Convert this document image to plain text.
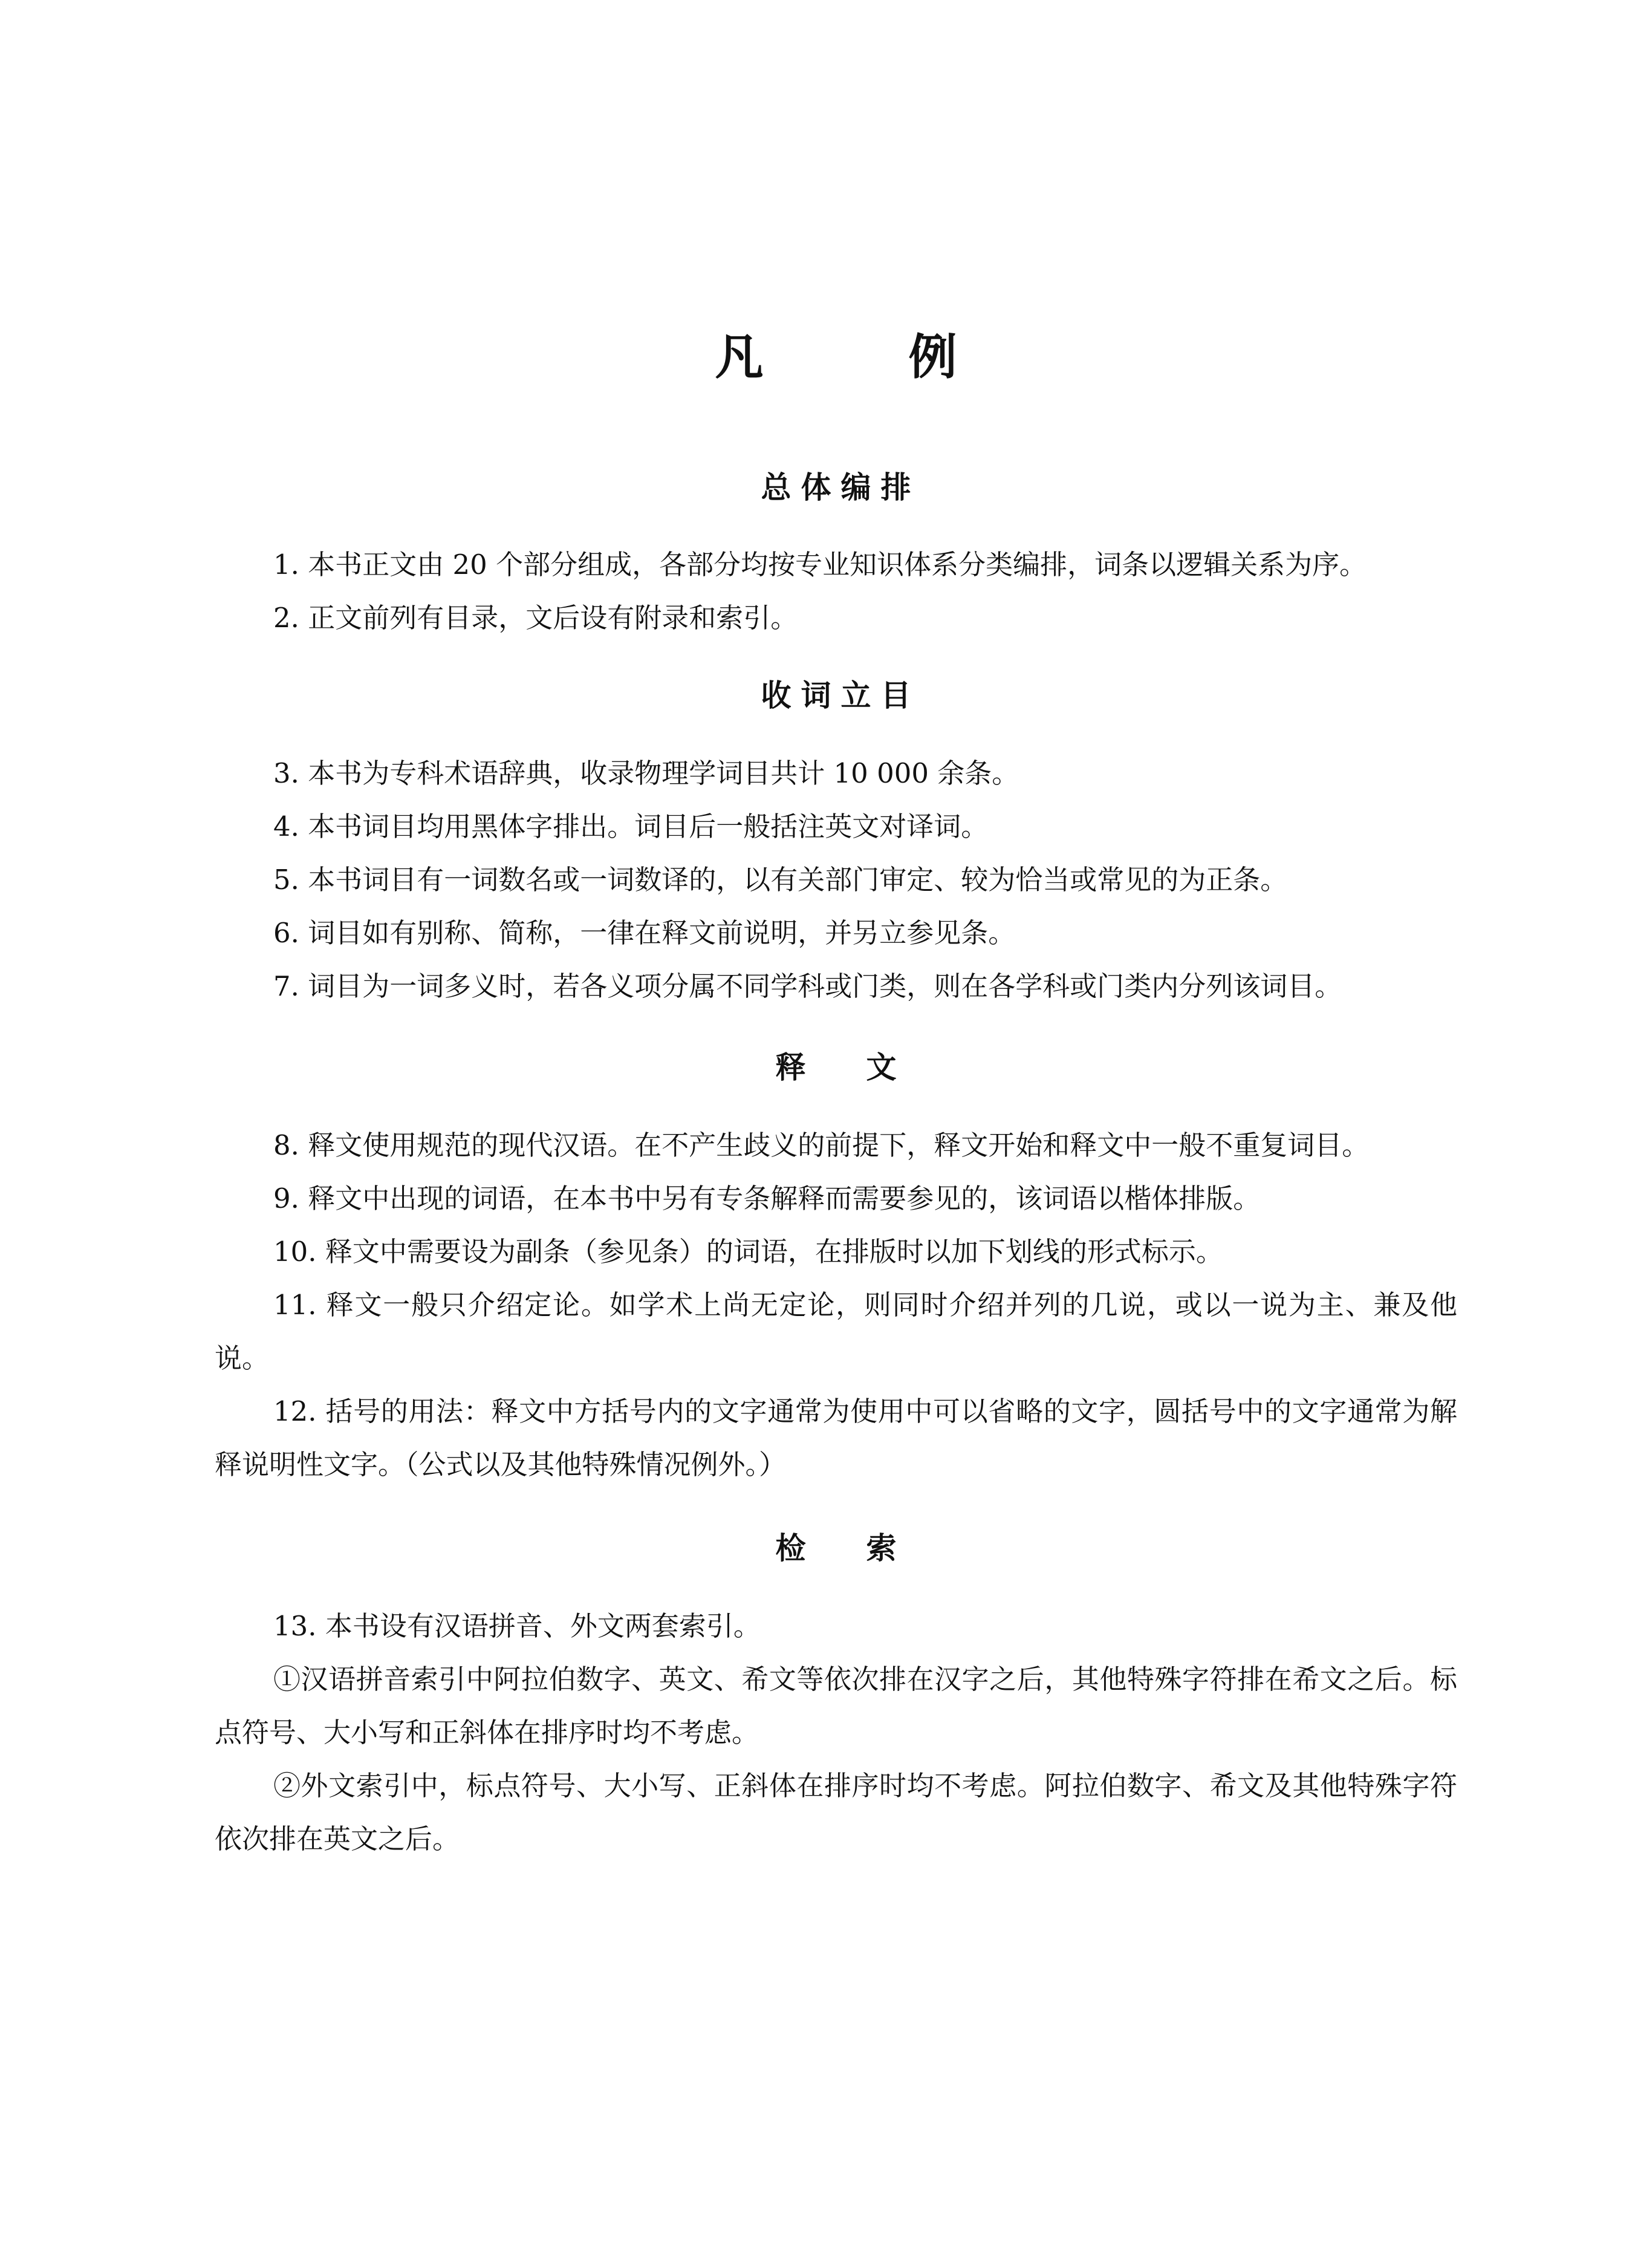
凡　例
总体编排

1. 本书正文由 20 个部分组成，各部分均按专业知识体系分类编排，词条以逻辑关系为序。

2. 正文前列有目录，文后设有附录和索引。

收词立目

3. 本书为专科术语辞典，收录物理学词目共计 10 000 余条。

4. 本书词目均用黑体字排出。词目后一般括注英文对译词。

5. 本书词目有一词数名或一词数译的，以有关部门审定、较为恰当或常见的为正条。

6. 词目如有别称、简称，一律在释文前说明，并另立参见条。

7. 词目为一词多义时，若各义项分属不同学科或门类，则在各学科或门类内分列该词目。

释文

8. 释文使用规范的现代汉语。在不产生歧义的前提下，释文开始和释文中一般不重复词目。

9. 释文中出现的词语，在本书中另有专条解释而需要参见的，该词语以楷体排版。

10. 释文中需要设为副条（参见条）的词语，在排版时以加下划线的形式标示。

11. 释文一般只介绍定论。如学术上尚无定论，则同时介绍并列的几说，或以一说为主、兼及他说。

12. 括号的用法：释文中方括号内的文字通常为使用中可以省略的文字，圆括号中的文字通常为解释说明性文字。（公式以及其他特殊情况例外。）

检索

13. 本书设有汉语拼音、外文两套索引。

①汉语拼音索引中阿拉伯数字、英文、希文等依次排在汉字之后，其他特殊字符排在希文之后。标点符号、大小写和正斜体在排序时均不考虑。

②外文索引中，标点符号、大小写、正斜体在排序时均不考虑。阿拉伯数字、希文及其他特殊字符依次排在英文之后。
